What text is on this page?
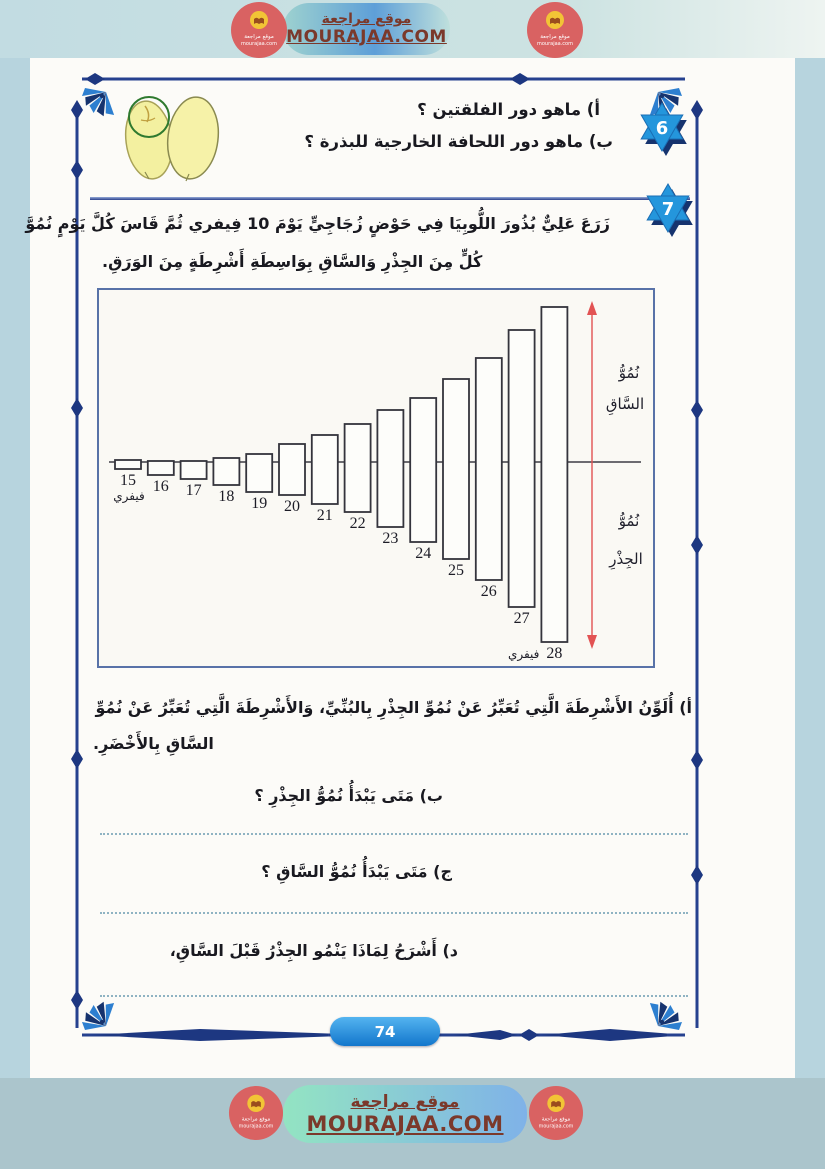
موقع مراجعة
MOURAJAA.COM
موقع مراجعة
mourajaa.com
موقع مراجعة
mourajaa.com
6
7
أ) ماهو دور الفلقتين ؟
ب) ماهو دور اللحافة الخارجية للبذرة ؟
زَرَعَ عَلِيٌّ بُذُورَ اللُّوبِيَا فِي حَوْضٍ زُجَاجِيٍّ يَوْمَ 10 فِيفري ثُمَّ قَاسَ كُلَّ يَوْمٍ نُمُوَّ
كُلٍّ مِنَ الجِذْرِ وَالسَّاقِ بِوَاسِطَةِ أَشْرِطَةٍ مِنَ الوَرَقِ.
15
فيفري
16 17 18 19 20
21 22
23
24
25
26
27
28
فيفري
نُمُوُّ
السَّاقِ
نُمُوُّ
الجِذْرِ
أ) أُلَوِّنُ الأَشْرِطَةَ الَّتِي تُعَبِّرُ عَنْ نُمُوِّ الجِذْرِ بِالبُنِّيِّ، وَالأَشْرِطَةَ الَّتِي تُعَبِّرُ عَنْ نُمُوِّ
السَّاقِ بِالأَخْضَرِ.
ب) مَتَى يَبْدَأُ نُمُوُّ الجِذْرِ ؟
ج) مَتَى يَبْدَأُ نُمُوُّ السَّاقِ ؟
د) أَشْرَحُ لِمَاذَا يَنْمُو الجِذْرُ قَبْلَ السَّاقِ،
74
موقع مراجعة
MOURAJAA.COM
موقع مراجعة
mourajaa.com
موقع مراجعة
mourajaa.com
